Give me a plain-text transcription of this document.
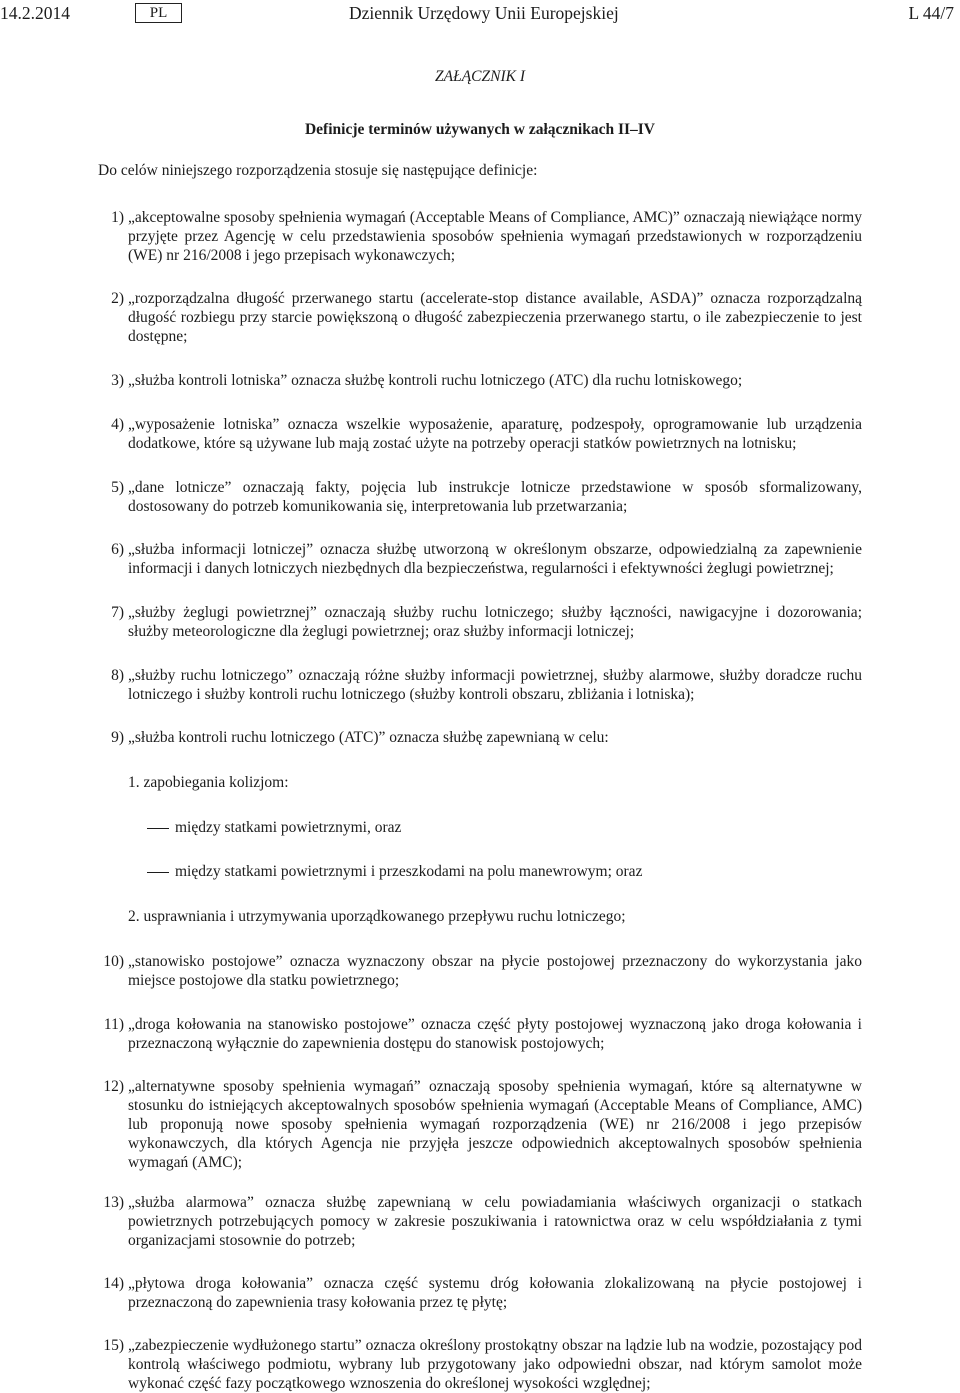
14.2.2014	PL	Dziennik Urzędowy Unii Europejskiej	L 44/7
ZAŁĄCZNIK I
Definicje terminów używanych w załącznikach II–IV
Do celów niniejszego rozporządzenia stosuje się następujące definicje:
1) „akceptowalne sposoby spełnienia wymagań (Acceptable Means of Compliance, AMC)” oznaczają niewiążące normy przyjęte przez Agencję w celu przedstawienia sposobów spełnienia wymagań przedstawionych w rozporządzeniu (WE) nr 216/2008 i jego przepisach wykonawczych;
2) „rozporządzalna długość przerwanego startu (accelerate-stop distance available, ASDA)” oznacza rozporządzalną długość rozbiegu przy starcie powiększoną o długość zabezpieczenia przerwanego startu, o ile zabezpieczenie to jest dostępne;
3) „służba kontroli lotniska” oznacza służbę kontroli ruchu lotniczego (ATC) dla ruchu lotniskowego;
4) „wyposażenie lotniska” oznacza wszelkie wyposażenie, aparaturę, podzespoły, oprogramowanie lub urządzenia dodatkowe, które są używane lub mają zostać użyte na potrzeby operacji statków powietrznych na lotnisku;
5) „dane lotnicze” oznaczają fakty, pojęcia lub instrukcje lotnicze przedstawione w sposób sformalizowany, dostosowany do potrzeb komunikowania się, interpretowania lub przetwarzania;
6) „służba informacji lotniczej” oznacza służbę utworzoną w określonym obszarze, odpowiedzialną za zapewnienie informacji i danych lotniczych niezbędnych dla bezpieczeństwa, regularności i efektywności żeglugi powietrznej;
7) „służby żeglugi powietrznej” oznaczają służby ruchu lotniczego; służby łączności, nawigacyjne i dozorowania; służby meteorologiczne dla żeglugi powietrznej; oraz służby informacji lotniczej;
8) „służby ruchu lotniczego” oznaczają różne służby informacji powietrznej, służby alarmowe, służby doradcze ruchu lotniczego i służby kontroli ruchu lotniczego (służby kontroli obszaru, zbliżania i lotniska);
9) „służba kontroli ruchu lotniczego (ATC)” oznacza służbę zapewnianą w celu:
1. zapobiegania kolizjom:
między statkami powietrznymi, oraz
między statkami powietrznymi i przeszkodami na polu manewrowym; oraz
2. usprawniania i utrzymywania uporządkowanego przepływu ruchu lotniczego;
10) „stanowisko postojowe” oznacza wyznaczony obszar na płycie postojowej przeznaczony do wykorzystania jako miejsce postojowe dla statku powietrznego;
11) „droga kołowania na stanowisko postojowe” oznacza część płyty postojowej wyznaczoną jako droga kołowania i przeznaczoną wyłącznie do zapewnienia dostępu do stanowisk postojowych;
12) „alternatywne sposoby spełnienia wymagań” oznaczają sposoby spełnienia wymagań, które są alternatywne w stosunku do istniejących akceptowalnych sposobów spełnienia wymagań (Acceptable Means of Compliance, AMC) lub proponują nowe sposoby spełnienia wymagań rozporządzenia (WE) nr 216/2008 i jego przepisów wykonawczych, dla których Agencja nie przyjęła jeszcze odpowiednich akceptowalnych sposobów spełnienia wymagań (AMC);
13) „służba alarmowa” oznacza służbę zapewnianą w celu powiadamiania właściwych organizacji o statkach powietrznych potrzebujących pomocy w zakresie poszukiwania i ratownictwa oraz w celu współdziałania z tymi organizacjami stosownie do potrzeb;
14) „płytowa droga kołowania” oznacza część systemu dróg kołowania zlokalizowaną na płycie postojowej i przeznaczoną do zapewnienia trasy kołowania przez tę płytę;
15) „zabezpieczenie wydłużonego startu” oznacza określony prostokątny obszar na lądzie lub na wodzie, pozostający pod kontrolą właściwego podmiotu, wybrany lub przygotowany jako odpowiedni obszar, nad którym samolot może wykonać część fazy początkowego wznoszenia do określonej wysokości względnej;
